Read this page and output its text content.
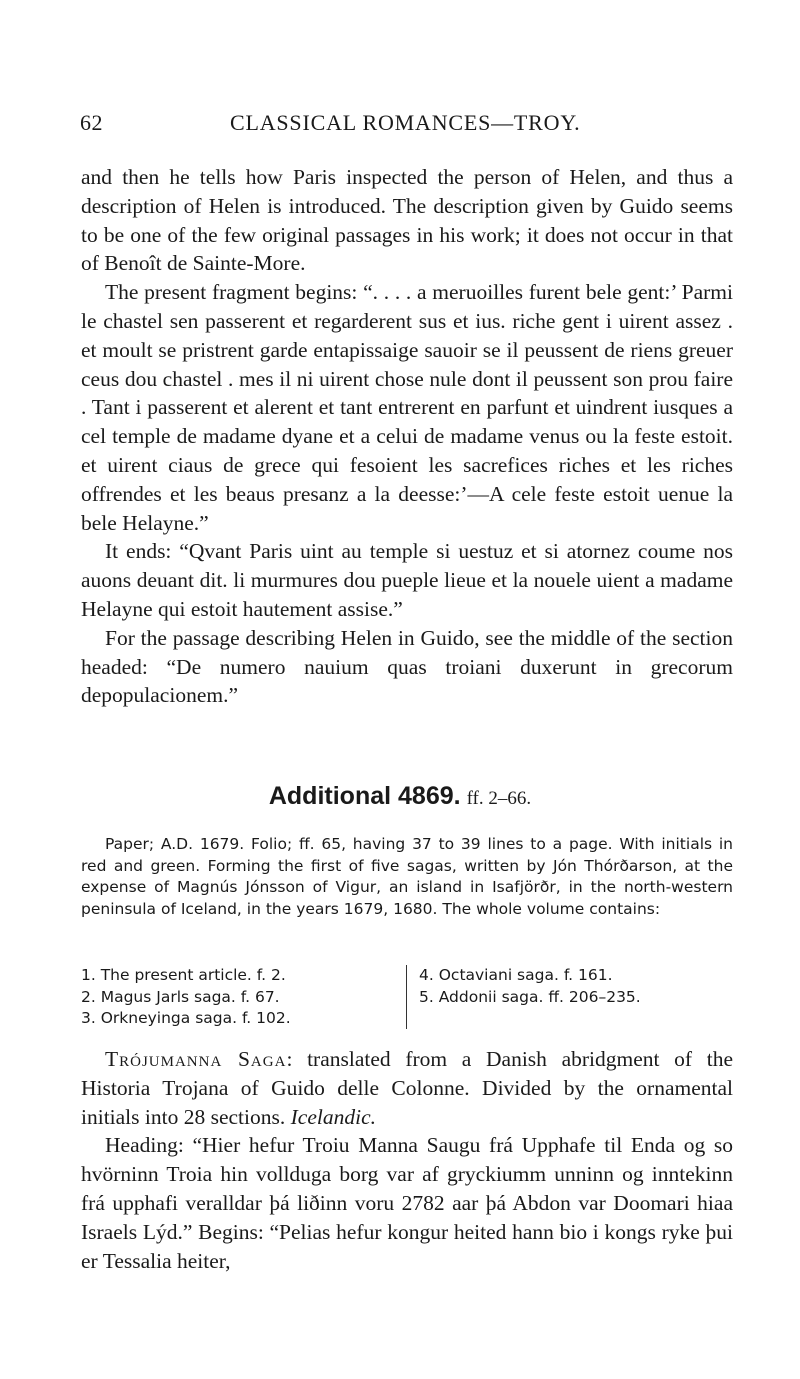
62	CLASSICAL ROMANCES—TROY.

and then he tells how Paris inspected the person of Helen, and thus a description of Helen is introduced. The description given by Guido seems to be one of the few original passages in his work; it does not occur in that of Benoît de Sainte-More.

The present fragment begins: “. . . . a meruoilles furent bele gent:’ Parmi le chastel sen passerent et regarderent sus et ius. riche gent i uirent assez . et moult se pristrent garde entapissaige sauoir se il peussent de riens greuer ceus dou chastel . mes il ni uirent chose nule dont il peussent son prou faire . Tant i passerent et alerent et tant entrerent en parfunt et uindrent iusques a cel temple de madame dyane et a celui de madame venus ou la feste estoit. et uirent ciaus de grece qui fesoient les sacrefices riches et les riches offrendes et les beaus presanz a la deesse:’—A cele feste estoit uenue la bele Helayne.”

It ends: “Qvant Paris uint au temple si uestuz et si atornez coume nos auons deuant dit. li murmures dou pueple lieue et la nouele uient a madame Helayne qui estoit hautement assise.”

For the passage describing Helen in Guido, see the middle of the section headed: “De numero nauium quas troiani duxerunt in grecorum depopulacionem.”

Additional 4869. ff. 2–66.

Paper; A.D. 1679. Folio; ff. 65, having 37 to 39 lines to a page. With initials in red and green. Forming the first of five sagas, written by Jón Thórðarson, at the expense of Magnús Jónsson of Vigur, an island in Isafjörðr, in the north-western peninsula of Iceland, in the years 1679, 1680. The whole volume contains:

1. The present article. f. 2.
2. Magus Jarls saga. f. 67.
3. Orkneyinga saga. f. 102.
4. Octaviani saga. f. 161.
5. Addonii saga. ff. 206–235.

Trójumanna Saga: translated from a Danish abridgment of the Historia Trojana of Guido delle Colonne. Divided by the ornamental initials into 28 sections. Icelandic.

Heading: “Hier hefur Troiu Manna Saugu frá Upphafe til Enda og so hvörninn Troia hin vollduga borg var af gryckiumm unninn og inntekinn frá upphafi veralldar þá liðinn voru 2782 aar þá Abdon var Doomari hiaa Israels Lýd.” Begins: “Pelias hefur kongur heited hann bio i kongs ryke þui er Tessalia heiter,
